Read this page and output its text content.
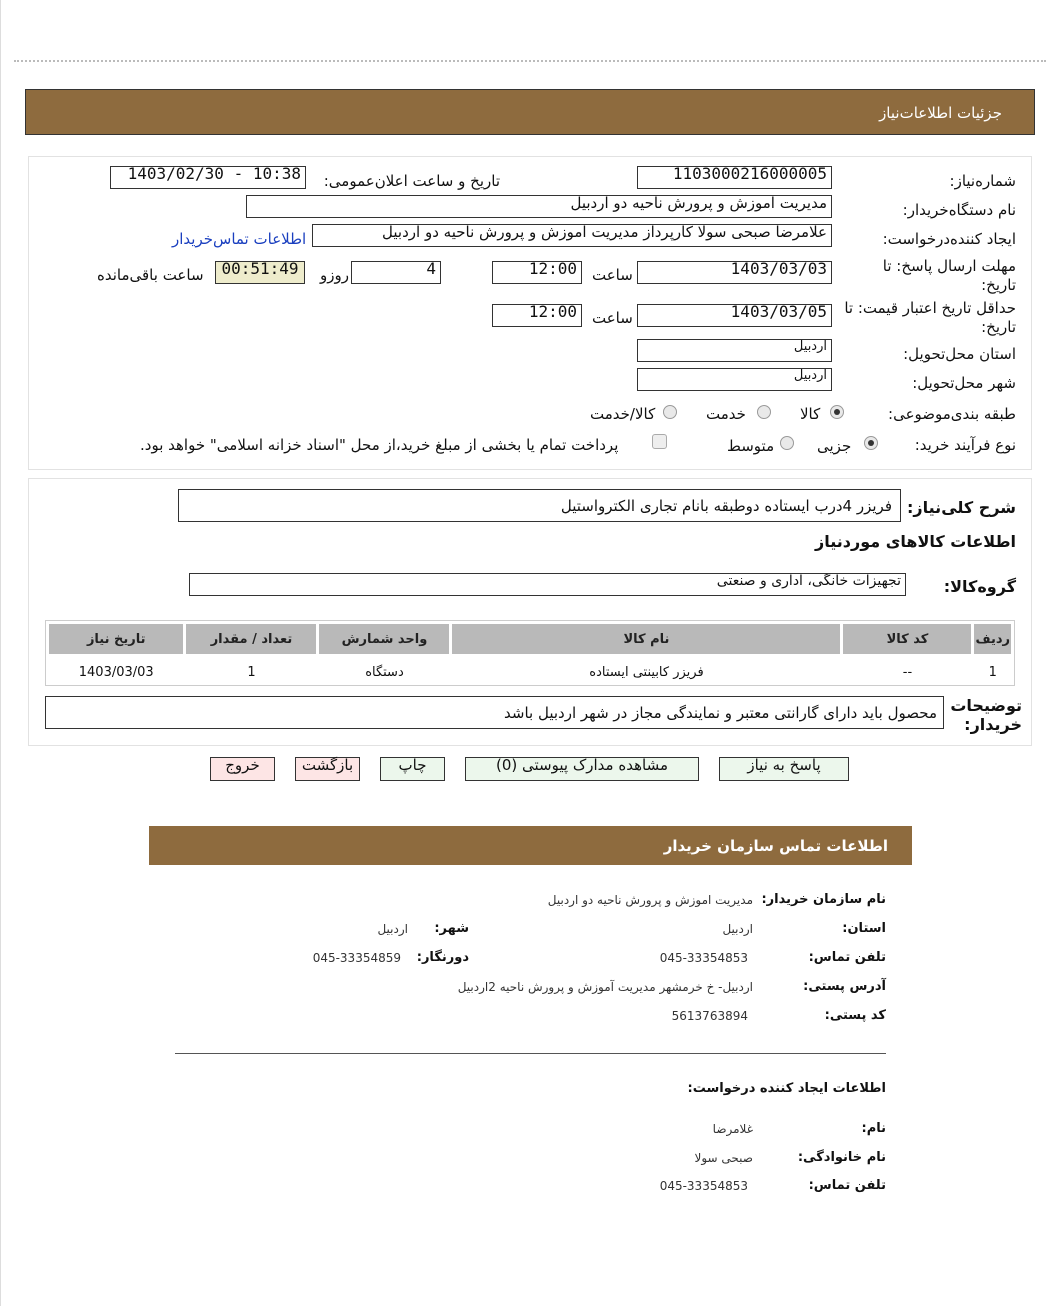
جزئيات اطلاعات‌نیاز
شماره‌نیاز:
1103000216000005
تاریخ و ساعت اعلان‌عمومی:
1403/02/30 - 10:38
نام دستگاه‌خریدار:
مدیریت اموزش و پرورش ناحیه دو اردبیل
ایجاد کننده‌درخواست:
علامرضا صبحی سولا کارپرداز مدیریت اموزش و پرورش ناحیه دو اردبیل
اطلاعات تماس‌خریدار
مهلت ارسال پاسخ: تا تاریخ:
1403/03/03
ساعت
12:00
4
روزو
00:51:49
ساعت باقی‌مانده
حداقل تاریخ اعتبار قیمت: تا تاریخ:
1403/03/05
ساعت
12:00
استان محل‌تحویل:
اردبیل
شهر محل‌تحویل:
اردبیل
طبقه بندی‌موضوعی:
کالا
خدمت
کالا/خدمت
نوع فرآیند خرید:
جزیی
متوسط
پرداخت تمام یا بخشی از مبلغ خرید،از محل "اسناد خزانه اسلامی" خواهد بود.
شرح کلی‌نیاز:
فریزر 4درب ایستاده دوطبقه بانام تجاری الکترواستیل
اطلاعات کالاهای موردنیاز
گروه‌کالا:
تجهیزات خانگی، اداری و صنعتی
ردیف	کد کالا	نام کالا	واحد شمارش	تعداد / مقدار	تاریخ نیاز
1	--	فریزر کابینتی ایستاده	دستگاه	1	1403/03/03
توضیحات خریدار:
محصول باید دارای گارانتی معتبر و نمایندگی مجاز در شهر اردبیل باشد
پاسخ به نیاز
مشاهده مدارک پیوستی (0)
چاپ
بازگشت
خروج
اطلاعات تماس سازمان خریدار
نام سازمان خریدار:
مدیریت اموزش و پرورش ناحیه دو اردبیل
استان:
اردبیل
شهر:
اردبیل
تلفن تماس:
045-33354853
دورنگار:
045-33354859
آدرس پستی:
اردبیل- خ خرمشهر مدیریت آموزش و پرورش ناحیه 2اردبیل
کد پستی:
5613763894
اطلاعات ایجاد کننده درخواست:
نام:
غلامرضا
نام خانوادگی:
صبحی سولا
تلفن تماس:
045-33354853
